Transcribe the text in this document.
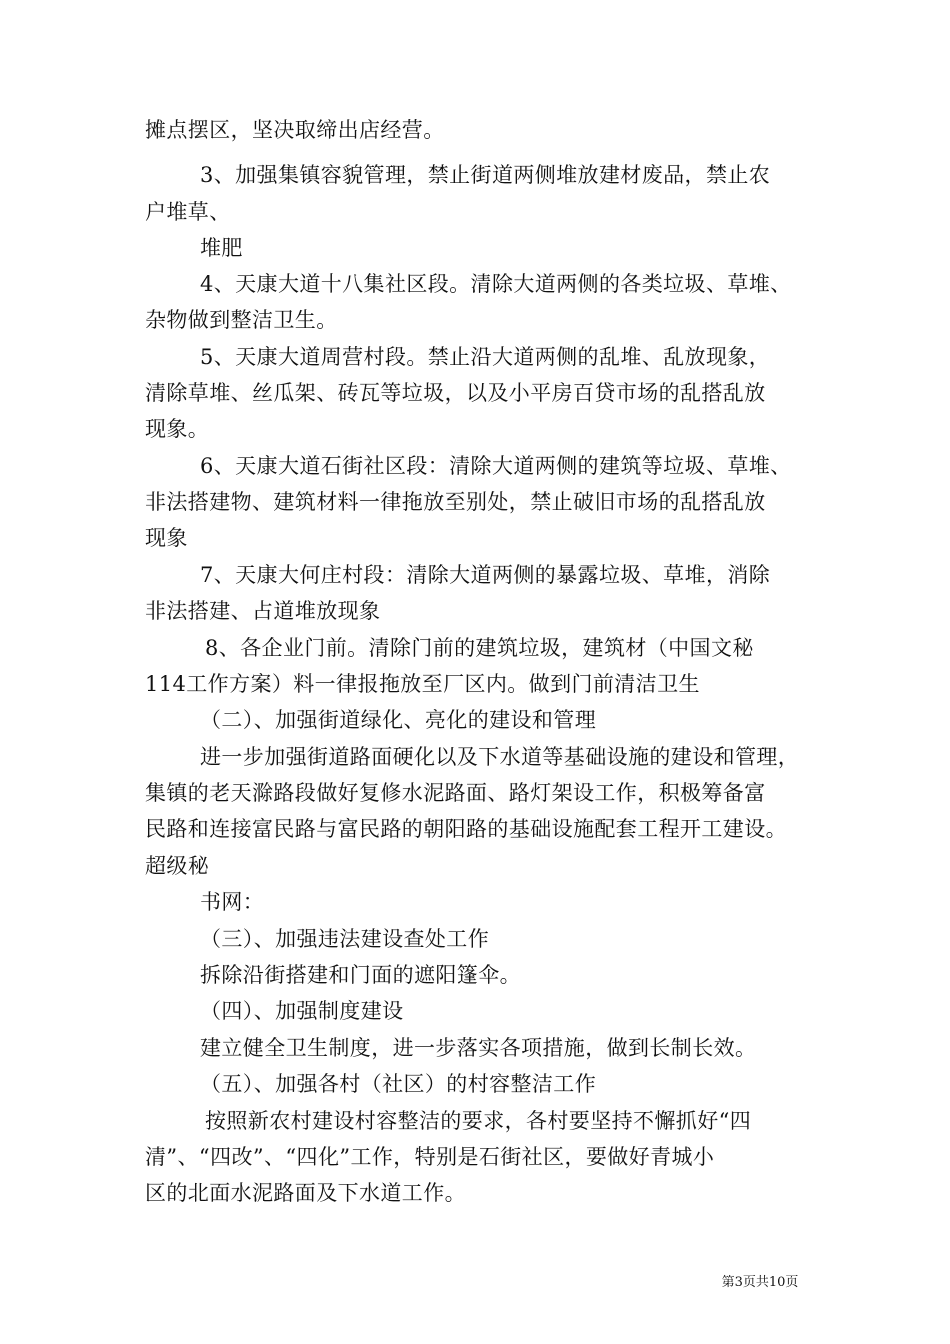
摊点摆区，坚决取缔出店经营。
3、加强集镇容貌管理，禁止街道两侧堆放建材废品，禁止农
户堆草、
堆肥
4、天康大道十八集社区段。清除大道两侧的各类垃圾、草堆、
杂物做到整洁卫生。
5、天康大道周营村段。禁止沿大道两侧的乱堆、乱放现象，
清除草堆、丝瓜架、砖瓦等垃圾，以及小平房百贷市场的乱搭乱放
现象。
6、天康大道石街社区段：清除大道两侧的建筑等垃圾、草堆、
非法搭建物、建筑材料一律拖放至别处，禁止破旧市场的乱搭乱放
现象
7、天康大何庄村段：清除大道两侧的暴露垃圾、草堆，消除
非法搭建、占道堆放现象
8、各企业门前。清除门前的建筑垃圾，建筑材（中国文秘
114工作方案）料一律报拖放至厂区内。做到门前清洁卫生
（二）、加强街道绿化、亮化的建设和管理
进一步加强街道路面硬化以及下水道等基础设施的建设和管理，
集镇的老天滁路段做好复修水泥路面、路灯架设工作，积极筹备富
民路和连接富民路与富民路的朝阳路的基础设施配套工程开工建设。
超级秘
书网：
（三）、加强违法建设查处工作
拆除沿街搭建和门面的遮阳篷伞。
（四）、加强制度建设
建立健全卫生制度，进一步落实各项措施，做到长制长效。
（五）、加强各村（社区）的村容整洁工作
按照新农村建设村容整洁的要求，各村要坚持不懈抓好“四
清”、“四改”、“四化”工作，特别是石街社区，要做好青城小
区的北面水泥路面及下水道工作。
第3页共10页
